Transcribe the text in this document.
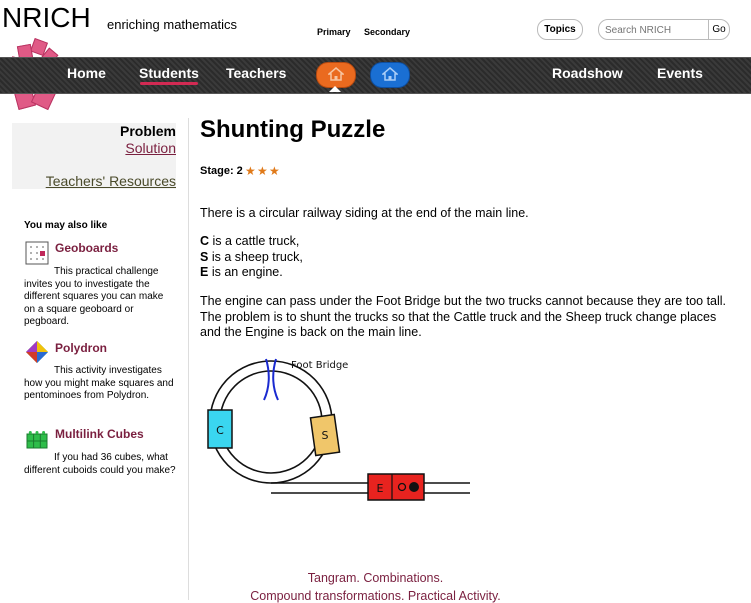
NRICH enriching mathematics	Topics
Search NRICH	Go
Primary Secondary
Home Students Teachers	Roadshow Events
Problem
Solution
Teachers' Resources
You may also like
Geoboards
This practical challenge invites you to investigate the different squares you can make on a square geoboard or pegboard.
Polydron
This activity investigates how you might make squares and pentominoes from Polydron.
Multilink Cubes
If you had 36 cubes, what different cuboids could you make?
Shunting Puzzle
Stage: 2 ★ ★ ★
There is a circular railway siding at the end of the main line.
C is a cattle truck,
S is a sheep truck,
E is an engine.
The engine can pass under the Foot Bridge but the two trucks cannot because they are too tall. The problem is to shunt the trucks so that the Cattle truck and the Sheep truck change places and the Engine is back on the main line.
Foot Bridge
C	S
E
Tangram. Combinations.
Compound transformations. Practical Activity.
